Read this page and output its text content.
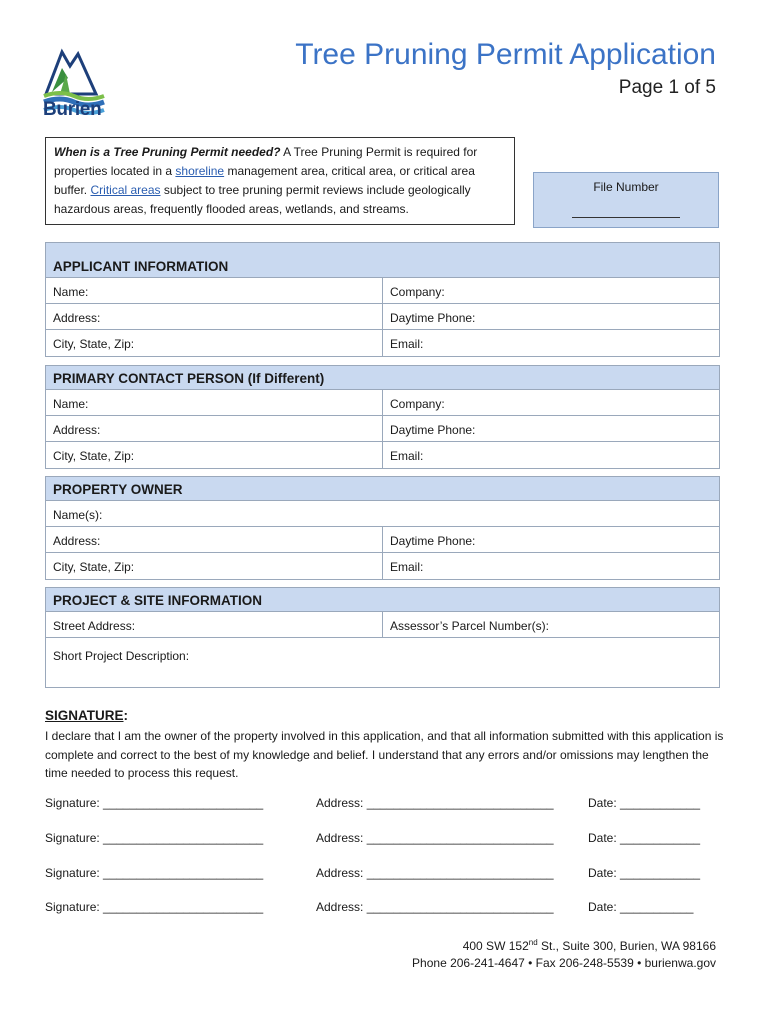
Burien
Tree Pruning Permit Application
Page 1 of 5
When is a Tree Pruning Permit needed? A Tree Pruning Permit is required for properties located in a shoreline management area, critical area, or critical area buffer. Critical areas subject to tree pruning permit reviews include geologically hazardous areas, frequently flooded areas, wetlands, and streams.
File Number
APPLICANT INFORMATION
Name:	Company:
Address:	Daytime Phone:
City, State, Zip:	Email:
PRIMARY CONTACT PERSON (If Different)
Name:	Company:
Address:	Daytime Phone:
City, State, Zip:	Email:
PROPERTY OWNER
Name(s):
Address:	Daytime Phone:
City, State, Zip:	Email:
PROJECT & SITE INFORMATION
Street Address:	Assessor’s Parcel Number(s):
Short Project Description:
SIGNATURE:
I declare that I am the owner of the property involved in this application, and that all information submitted with this application is complete and correct to the best of my knowledge and belief. I understand that any errors and/or omissions may lengthen the time needed to process this request.
Signature: ________________________	Address: ____________________________	Date: ____________
Signature: ________________________	Address: ____________________________	Date: ____________
Signature: ________________________	Address: ____________________________	Date: ____________
Signature: ________________________	Address: ____________________________	Date: ___________
400 SW 152nd St., Suite 300, Burien, WA 98166
Phone 206-241-4647 • Fax 206-248-5539 • burienwa.gov
